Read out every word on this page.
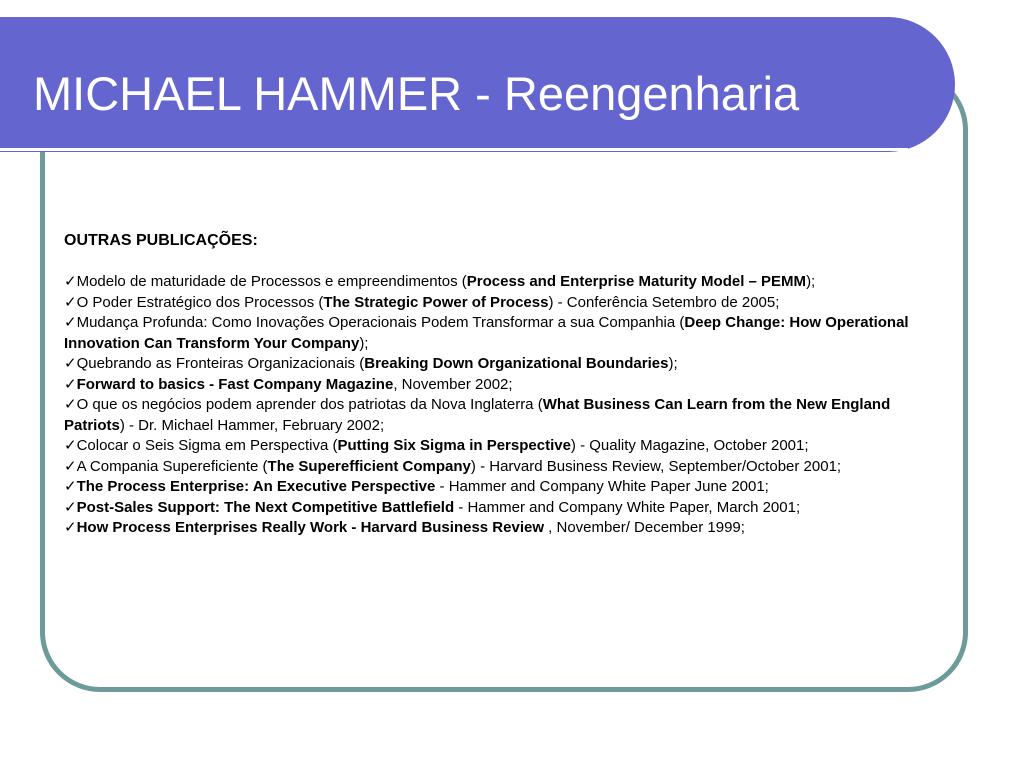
MICHAEL HAMMER - Reengenharia

OUTRAS PUBLICAÇÕES:

✓Modelo de maturidade de Processos e empreendimentos (Process and Enterprise Maturity Model – PEMM);
✓O Poder Estratégico dos Processos (The Strategic Power of Process) - Conferência Setembro de 2005;
✓Mudança Profunda: Como Inovações Operacionais Podem Transformar a sua Companhia (Deep Change: How Operational Innovation Can Transform Your Company);
✓Quebrando as Fronteiras Organizacionais (Breaking Down Organizational Boundaries);
✓Forward to basics - Fast Company Magazine, November 2002;
✓O que os negócios podem aprender dos patriotas da Nova Inglaterra (What Business Can Learn from the New England Patriots) - Dr. Michael Hammer, February 2002;
✓Colocar o Seis Sigma em Perspectiva (Putting Six Sigma in Perspective) - Quality Magazine, October 2001;
✓A Compania Supereficiente (The Superefficient Company) - Harvard Business Review, September/October 2001;
✓The Process Enterprise: An Executive Perspective - Hammer and Company White Paper June 2001;
✓Post-Sales Support: The Next Competitive Battlefield - Hammer and Company White Paper, March 2001;
✓How Process Enterprises Really Work - Harvard Business Review , November/ December 1999;
